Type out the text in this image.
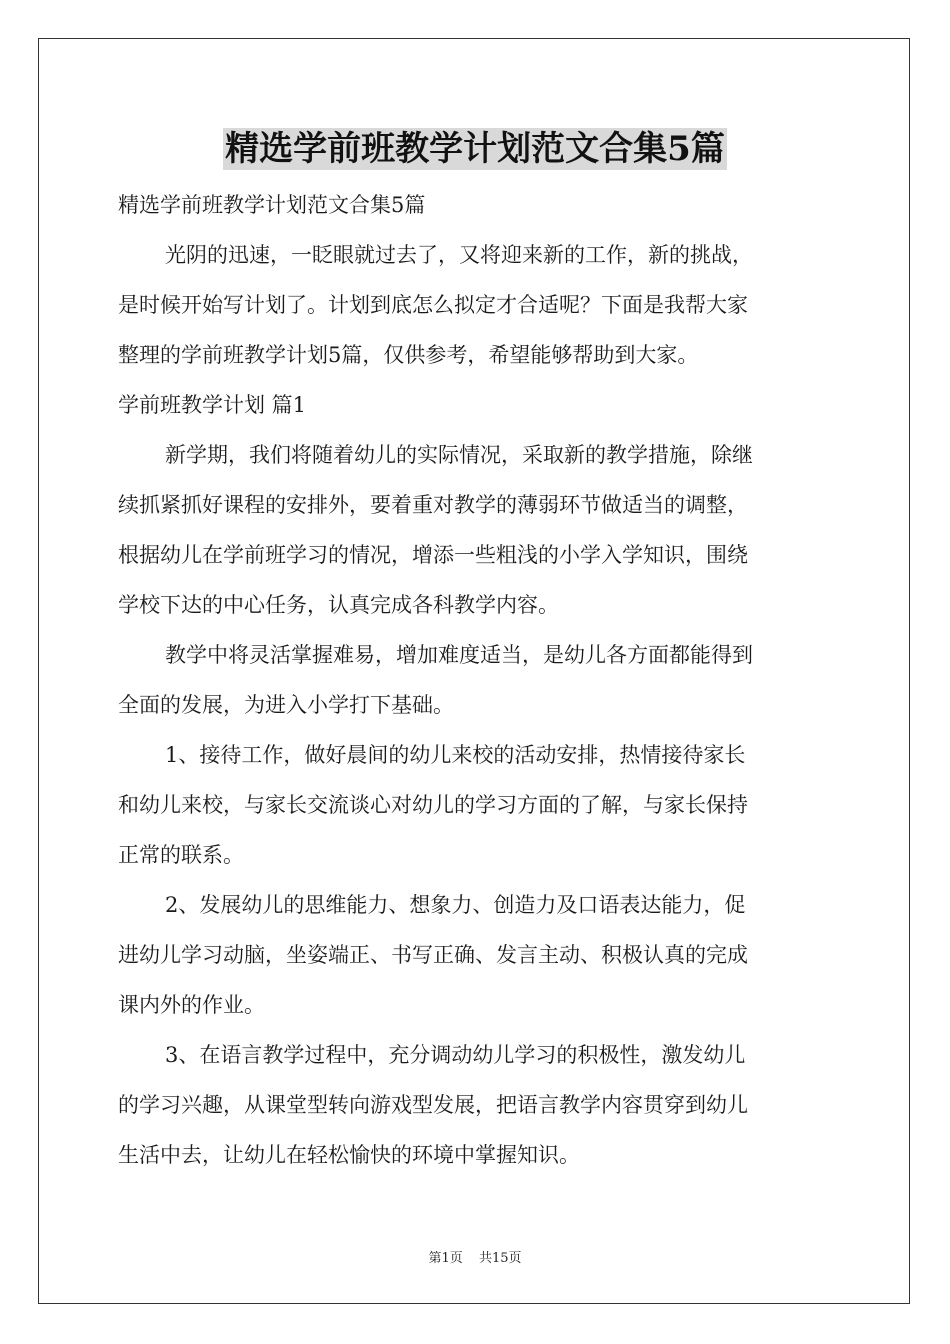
精选学前班教学计划范文合集5篇
精选学前班教学计划范文合集5篇
光阴的迅速，一眨眼就过去了，又将迎来新的工作，新的挑战，
是时候开始写计划了。计划到底怎么拟定才合适呢？下面是我帮大家
整理的学前班教学计划5篇，仅供参考，希望能够帮助到大家。
学前班教学计划 篇1
新学期，我们将随着幼儿的实际情况，采取新的教学措施，除继
续抓紧抓好课程的安排外，要着重对教学的薄弱环节做适当的调整，
根据幼儿在学前班学习的情况，增添一些粗浅的小学入学知识，围绕
学校下达的中心任务，认真完成各科教学内容。
教学中将灵活掌握难易，增加难度适当，是幼儿各方面都能得到
全面的发展，为进入小学打下基础。
1、接待工作，做好晨间的幼儿来校的活动安排，热情接待家长
和幼儿来校，与家长交流谈心对幼儿的学习方面的了解，与家长保持
正常的联系。
2、发展幼儿的思维能力、想象力、创造力及口语表达能力，促
进幼儿学习动脑，坐姿端正、书写正确、发言主动、积极认真的完成
课内外的作业。
3、在语言教学过程中，充分调动幼儿学习的积极性，激发幼儿
的学习兴趣，从课堂型转向游戏型发展，把语言教学内容贯穿到幼儿
生活中去，让幼儿在轻松愉快的环境中掌握知识。
第1页 共15页
